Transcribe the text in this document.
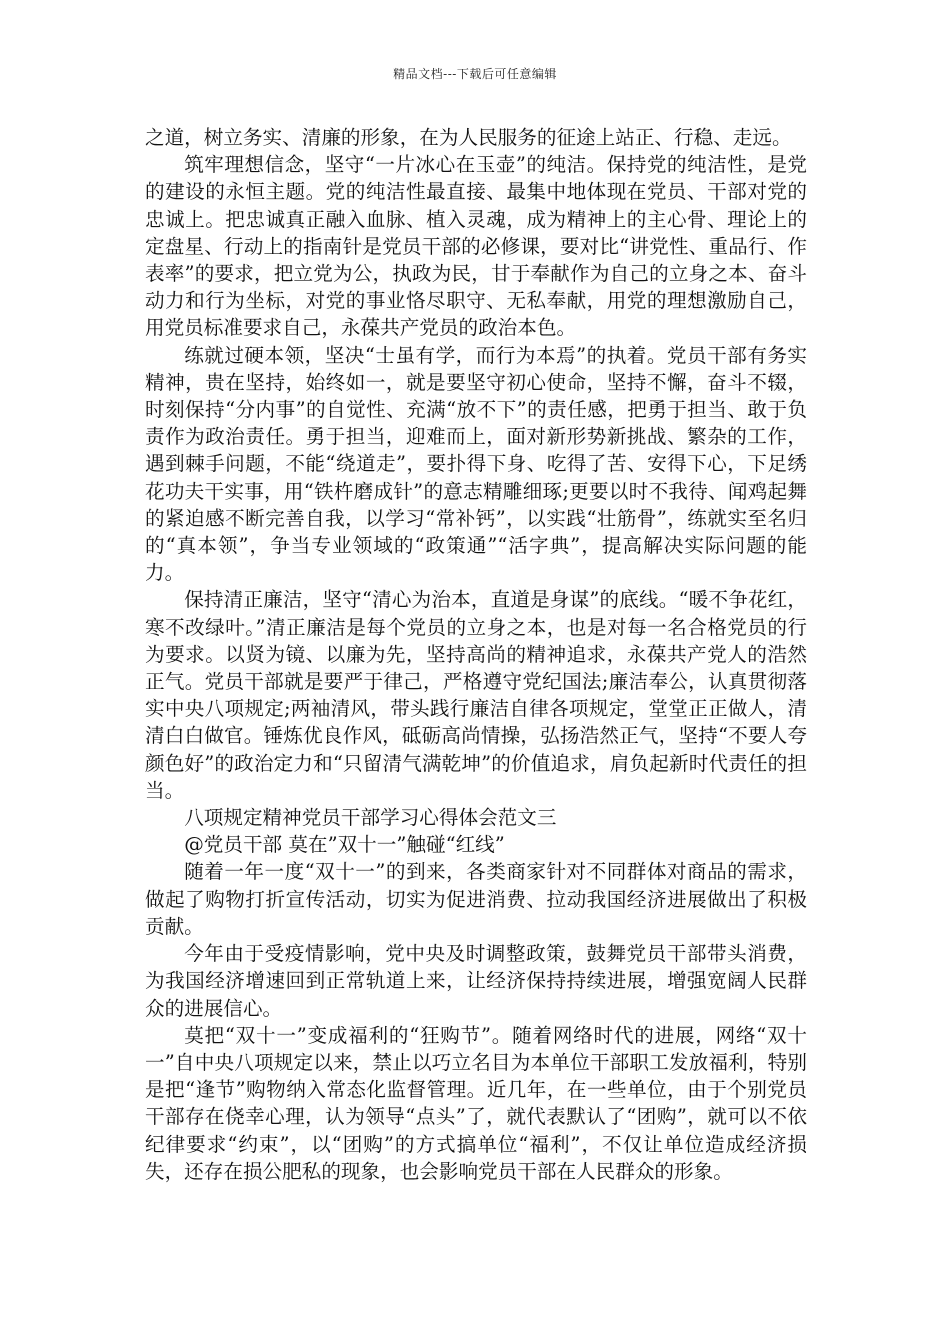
精品文档---下载后可任意编辑

之道，树立务实、清廉的形象，在为人民服务的征途上站正、行稳、走远。

筑牢理想信念，坚守“一片冰心在玉壶”的纯洁。保持党的纯洁性，是党的建设的永恒主题。党的纯洁性最直接、最集中地体现在党员、干部对党的忠诚上。把忠诚真正融入血脉、植入灵魂，成为精神上的主心骨、理论上的定盘星、行动上的指南针是党员干部的必修课，要对比“讲党性、重品行、作表率”的要求，把立党为公，执政为民，甘于奉献作为自己的立身之本、奋斗动力和行为坐标，对党的事业恪尽职守、无私奉献，用党的理想激励自己，用党员标准要求自己，永葆共产党员的政治本色。

练就过硬本领，坚决“士虽有学，而行为本焉”的执着。党员干部有务实精神，贵在坚持，始终如一，就是要坚守初心使命，坚持不懈，奋斗不辍，时刻保持“分内事”的自觉性、充满“放不下”的责任感，把勇于担当、敢于负责作为政治责任。勇于担当，迎难而上，面对新形势新挑战、繁杂的工作，遇到棘手问题，不能“绕道走”，要扑得下身、吃得了苦、安得下心，下足绣花功夫干实事，用“铁杵磨成针”的意志精雕细琢;更要以时不我待、闻鸡起舞的紧迫感不断完善自我，以学习“常补钙”，以实践“壮筋骨”，练就实至名归的“真本领”，争当专业领域的“政策通”“活字典”，提高解决实际问题的能力。

保持清正廉洁，坚守“清心为治本，直道是身谋”的底线。“暖不争花红，寒不改绿叶。”清正廉洁是每个党员的立身之本，也是对每一名合格党员的行为要求。以贤为镜、以廉为先，坚持高尚的精神追求，永葆共产党人的浩然正气。党员干部就是要严于律己，严格遵守党纪国法;廉洁奉公，认真贯彻落实中央八项规定;两袖清风，带头践行廉洁自律各项规定，堂堂正正做人，清清白白做官。锤炼优良作风，砥砺高尚情操，弘扬浩然正气，坚持“不要人夸颜色好”的政治定力和“只留清气满乾坤”的价值追求，肩负起新时代责任的担当。

八项规定精神党员干部学习心得体会范文三

@党员干部 莫在”双十一”触碰“红线”

随着一年一度“双十一”的到来，各类商家针对不同群体对商品的需求，做起了购物打折宣传活动，切实为促进消费、拉动我国经济进展做出了积极贡献。

今年由于受疫情影响，党中央及时调整政策，鼓舞党员干部带头消费，为我国经济增速回到正常轨道上来，让经济保持持续进展，增强宽阔人民群众的进展信心。

莫把“双十一”变成福利的“狂购节”。随着网络时代的进展，网络“双十一”自中央八项规定以来，禁止以巧立名目为本单位干部职工发放福利，特别是把“逢节”购物纳入常态化监督管理。近几年，在一些单位，由于个别党员干部存在侥幸心理，认为领导“点头”了，就代表默认了“团购”，就可以不依纪律要求“约束”，以“团购”的方式搞单位“福利”，不仅让单位造成经济损失，还存在损公肥私的现象，也会影响党员干部在人民群众的形象。
